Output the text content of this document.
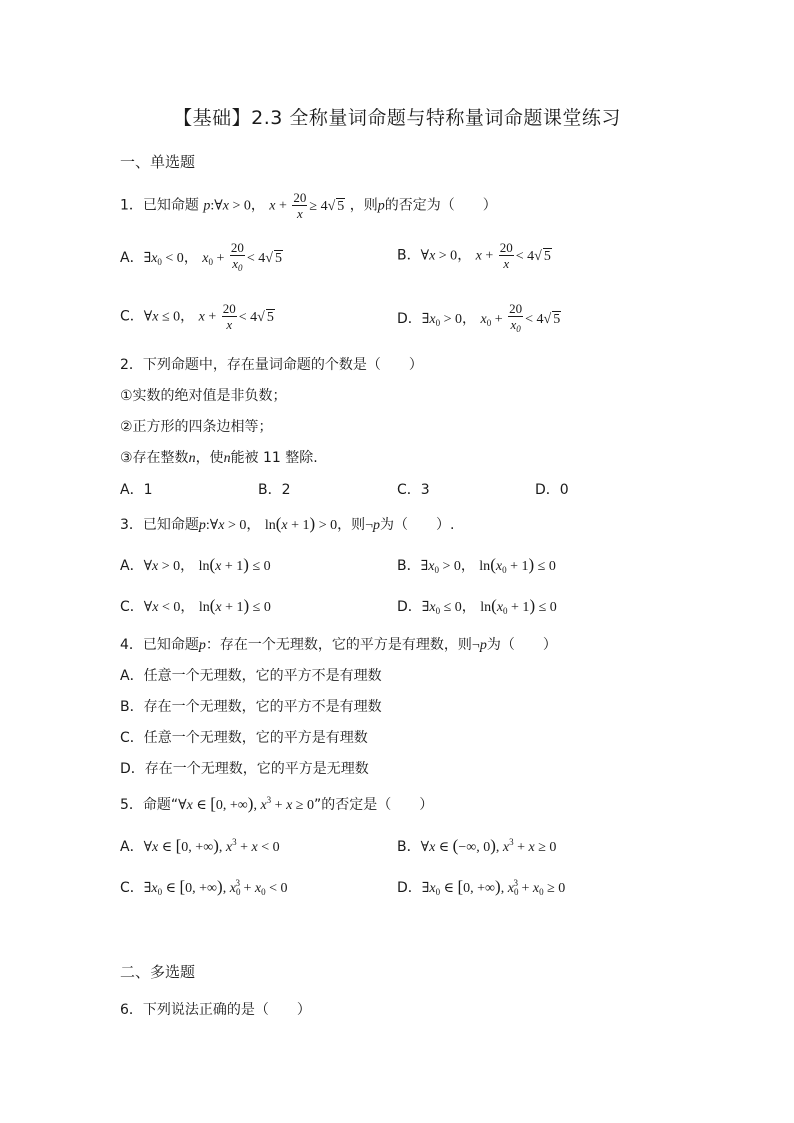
【基础】2.3 全称量词命题与特称量词命题课堂练习
一、单选题
1．已知命题 p:∀x > 0， $x + \frac{20}{x} \ge 4√$ 5 ，则p的否定为（　　）
A．$\exists x_0 < 0$， $x_0 + \frac{20}{x_0} < 4√$ 5	B．∀x > 0， $x + \frac{20}{x} < 4√$ 5
C．∀x ≤ 0， $x + \frac{20}{x} < 4√$ 5	D．$\exists x_0 > 0$， $x_0 + \frac{20}{x_0} < 4√$ 5
2．下列命题中，存在量词命题的个数是（　　）
①实数的绝对值是非负数；
②正方形的四条边相等；
③存在整数n，使n能被 11 整除.
A．1	B．2	C．3	D．0
3．已知命题p:∀x > 0， ln(x + 1) > 0，则¬p为（　　）.
A．∀x > 0， ln(x + 1) ≤ 0	B．$\exists x_0 > 0$， $\ln(x_0 + 1) \le 0$
C．∀x < 0， ln(x + 1) ≤ 0	D．$\exists x_0 \le 0$， $\ln(x_0 + 1) \le 0$
4．已知命题p：存在一个无理数，它的平方是有理数，则¬p为（　　）
A．任意一个无理数，它的平方不是有理数
B．存在一个无理数，它的平方不是有理数
C．任意一个无理数，它的平方是有理数
D．存在一个无理数，它的平方是无理数
5．命题“∀x ∈ [0, +∞), $x^3 + x \ge 0$”的否定是（　　）
A．∀x ∈ [0, +∞), $x^3 + x < 0$	B．∀x ∈ (−∞, 0), $x^3 + x \ge 0$
C．$\exists x_0$ ∈ [0, +∞), $x_0^3 + x_0 < 0$	D．$\exists x_0$ ∈ [0, +∞), $x_0^3 + x_0 \ge 0$
二、多选题
6．下列说法正确的是（　　）
